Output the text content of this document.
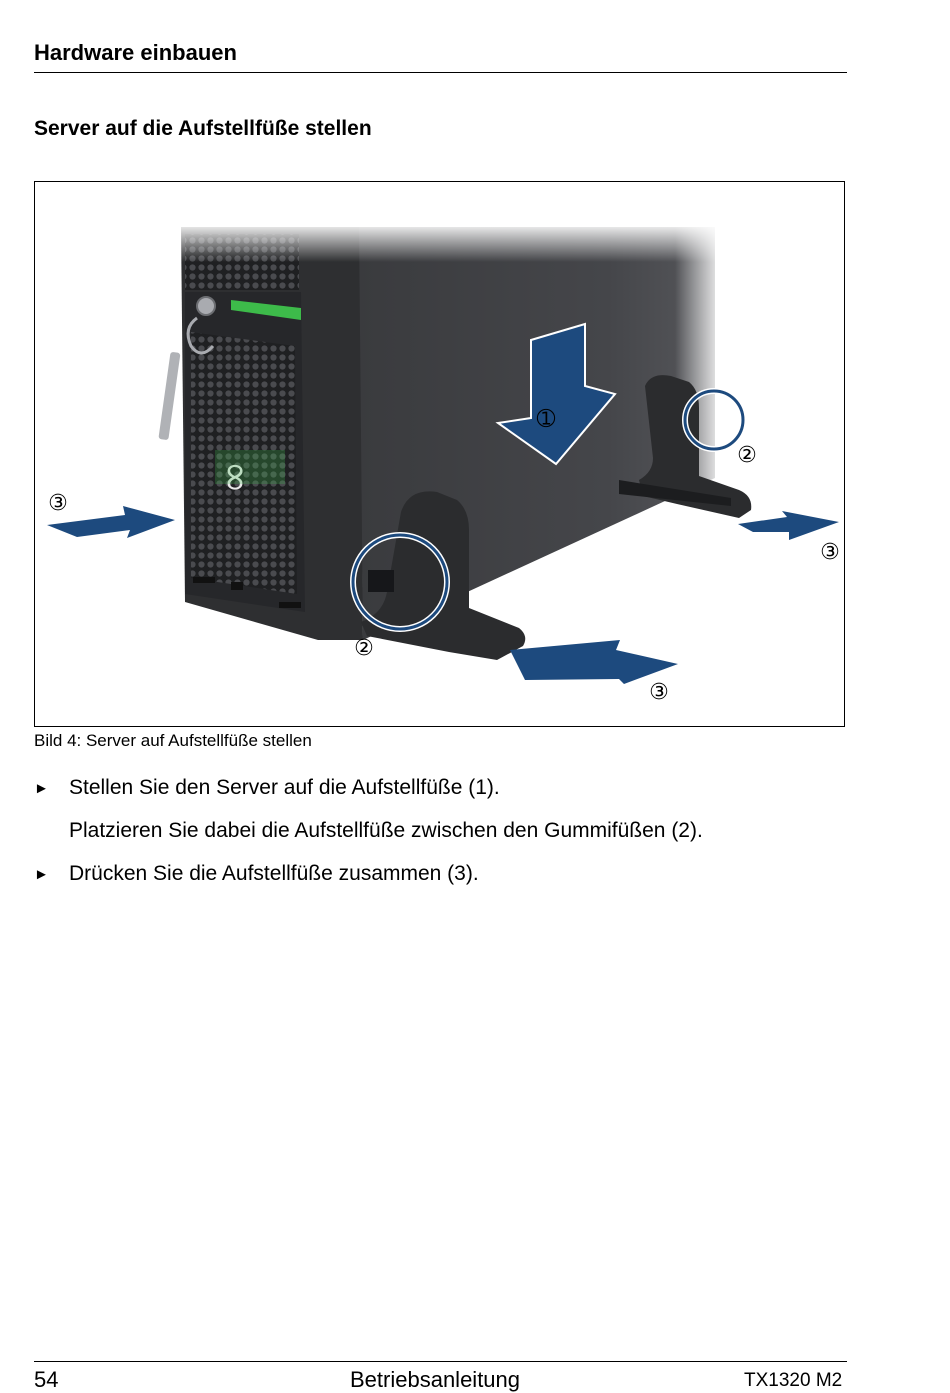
Hardware einbauen
Server auf die Aufstellfüße stellen
∞
➀
②
②
③
③
③
Bild 4: Server auf Aufstellfüße stellen
► Stellen Sie den Server auf die Aufstellfüße (1).
Platzieren Sie dabei die Aufstellfüße zwischen den Gummifüßen (2).
► Drücken Sie die Aufstellfüße zusammen (3).
54	Betriebsanleitung	TX1320 M2
